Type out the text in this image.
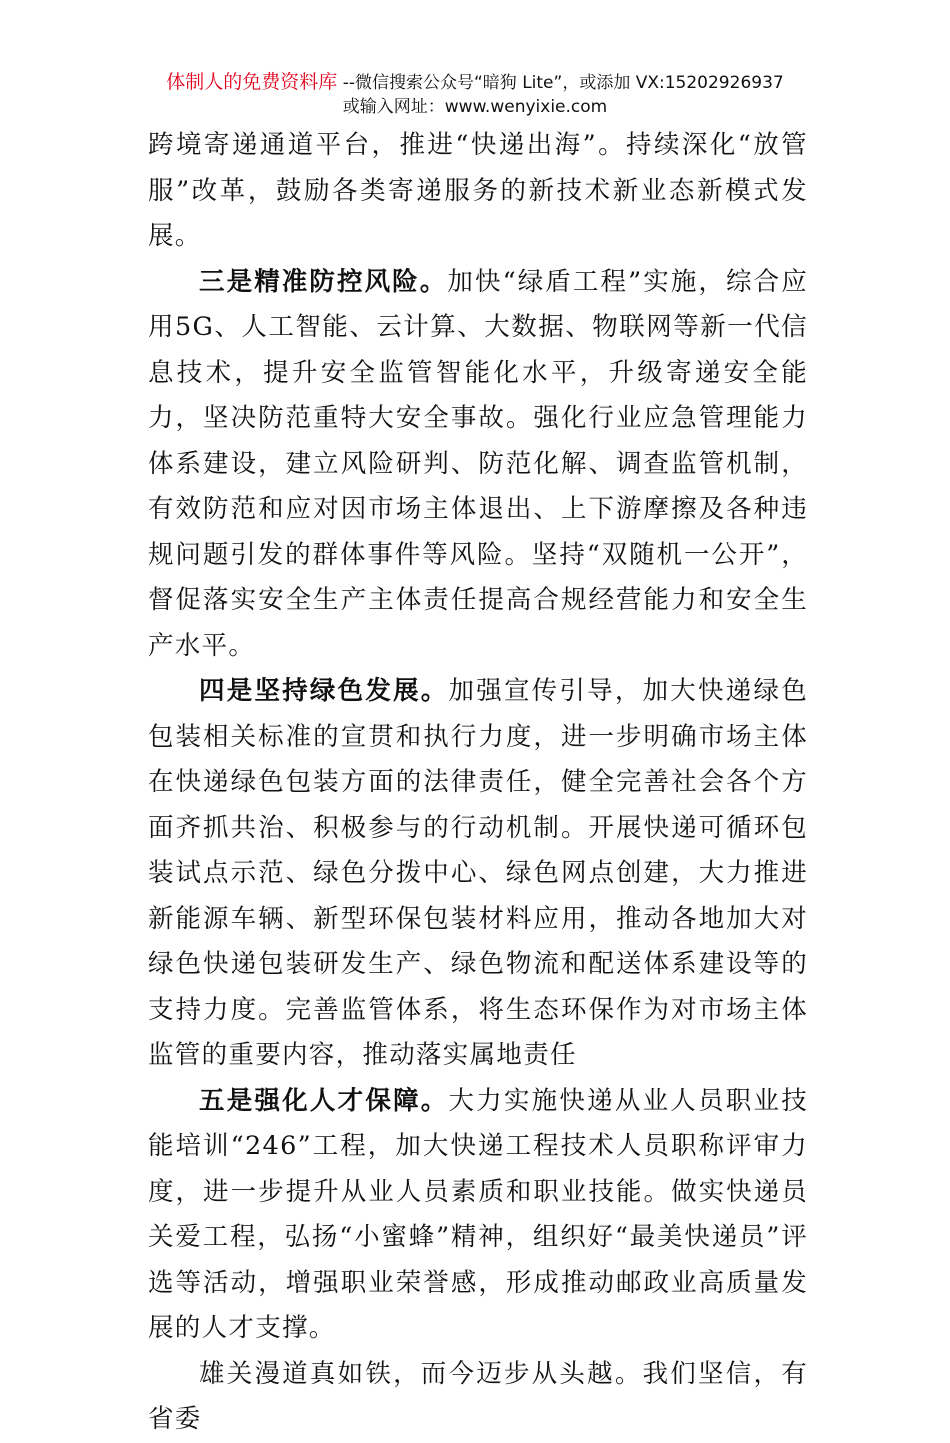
体制人的免费资料库 --微信搜索公众号“暗狗 Lite”，或添加 VX:15202926937
或输入网址：www.wenyixie.com

跨境寄递通道平台，推进“快递出海”。持续深化“放管服”改革，鼓励各类寄递服务的新技术新业态新模式发展。

三是精准防控风险。加快“绿盾工程”实施，综合应用5G、人工智能、云计算、大数据、物联网等新一代信息技术，提升安全监管智能化水平，升级寄递安全能力，坚决防范重特大安全事故。强化行业应急管理能力体系建设，建立风险研判、防范化解、调查监管机制，有效防范和应对因市场主体退出、上下游摩擦及各种违规问题引发的群体事件等风险。坚持“双随机一公开”，督促落实安全生产主体责任提高合规经营能力和安全生产水平。

四是坚持绿色发展。加强宣传引导，加大快递绿色包装相关标准的宣贯和执行力度，进一步明确市场主体在快递绿色包装方面的法律责任，健全完善社会各个方面齐抓共治、积极参与的行动机制。开展快递可循环包装试点示范、绿色分拨中心、绿色网点创建，大力推进新能源车辆、新型环保包装材料应用，推动各地加大对绿色快递包装研发生产、绿色物流和配送体系建设等的支持力度。完善监管体系，将生态环保作为对市场主体监管的重要内容，推动落实属地责任

五是强化人才保障。大力实施快递从业人员职业技能培训“246”工程，加大快递工程技术人员职称评审力度，进一步提升从业人员素质和职业技能。做实快递员关爱工程，弘扬“小蜜蜂”精神，组织好“最美快递员”评选等活动，增强职业荣誉感，形成推动邮政业高质量发展的人才支撑。

雄关漫道真如铁，而今迈步从头越。我们坚信，有省委
